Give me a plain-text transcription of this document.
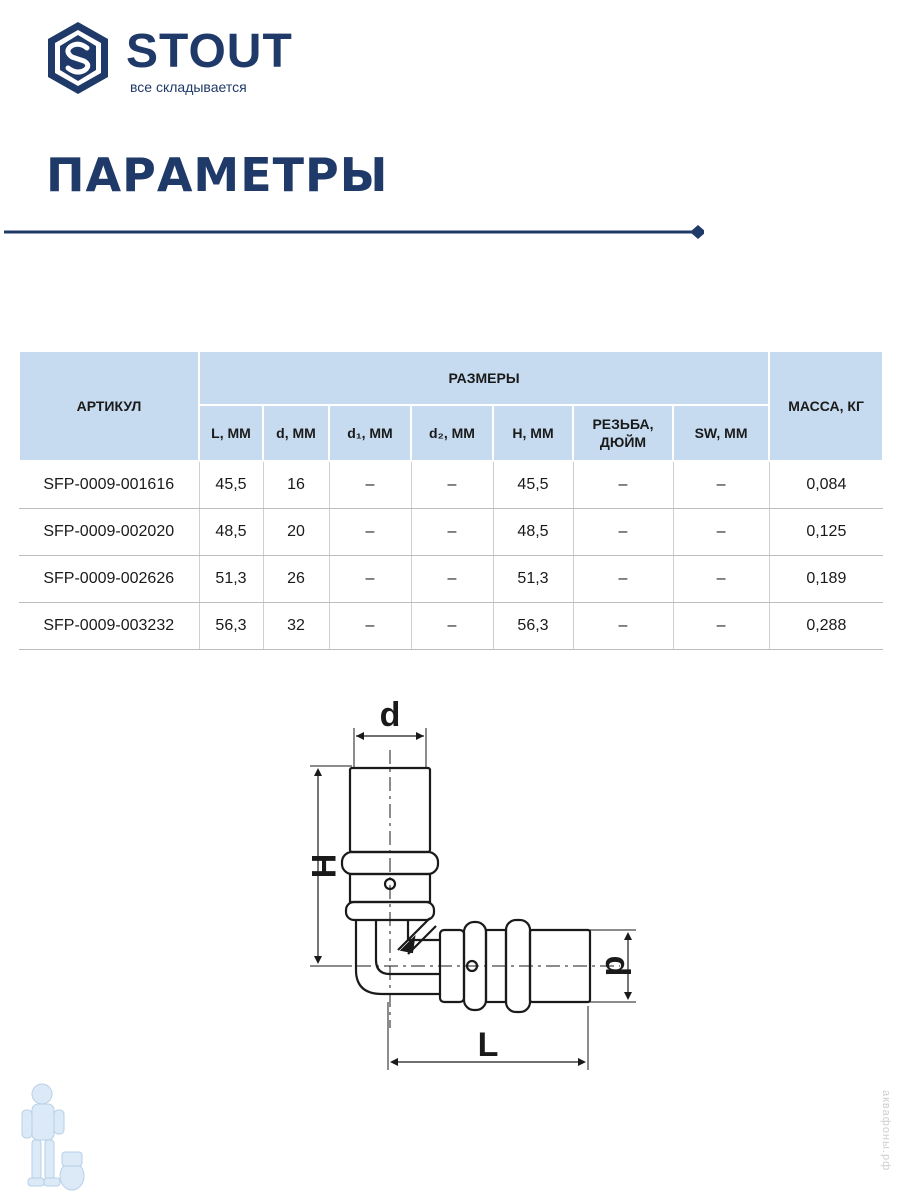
STOUT
все складывается
ПАРАМЕТРЫ
АРТИКУЛ	РАЗМЕРЫ							МАССА, КГ
	L, ММ	d, ММ	d₁, ММ	d₂, ММ	H, ММ	РЕЗЬБА, ДЮЙМ	SW, ММ	
SFP-0009-001616	45,5	16	–	–	45,5	–	–	0,084
SFP-0009-002020	48,5	20	–	–	48,5	–	–	0,125
SFP-0009-002626	51,3	26	–	–	51,3	–	–	0,189
SFP-0009-003232	56,3	32	–	–	56,3	–	–	0,288
d
H
d
L
аквафоны.рф
